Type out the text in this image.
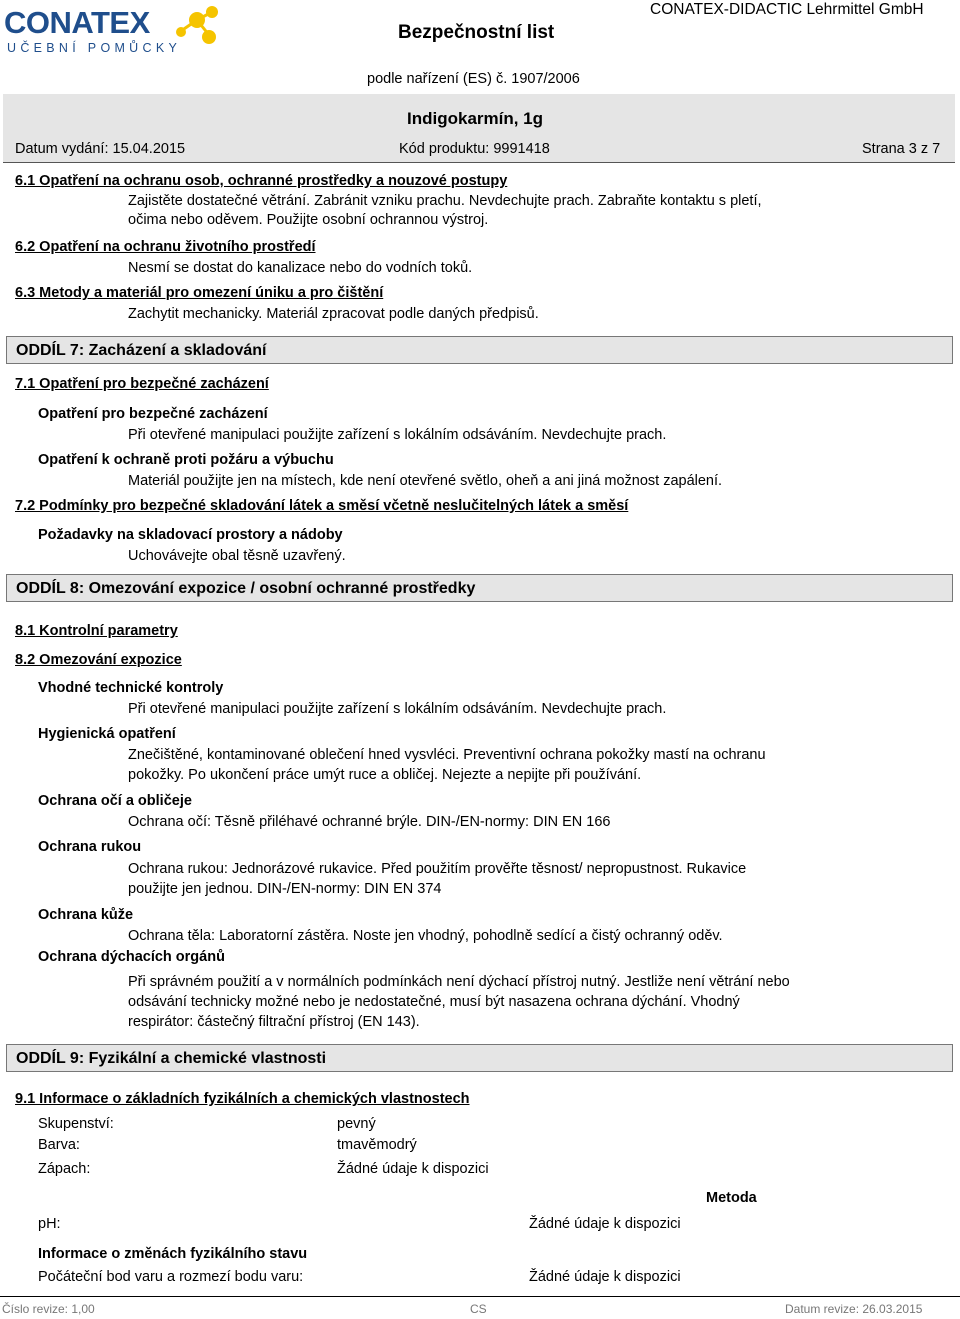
CONATEX
UČEBNÍ POMŮCKY
Bezpečnostní list
CONATEX-DIDACTIC Lehrmittel GmbH
podle nařízení (ES) č. 1907/2006
Indigokarmín, 1g
Datum vydání: 15.04.2015	Kód produktu: 9991418	Strana 3 z 7
6.1 Opatření na ochranu osob, ochranné prostředky a nouzové postupy
Zajistěte dostatečné větrání. Zabránit vzniku prachu. Nevdechujte prach. Zabraňte kontaktu s pletí,
očima nebo oděvem. Použijte osobní ochrannou výstroj.
6.2 Opatření na ochranu životního prostředí
Nesmí se dostat do kanalizace nebo do vodních toků.
6.3 Metody a materiál pro omezení úniku a pro čištění
Zachytit mechanicky. Materiál zpracovat podle daných předpisů.
ODDÍL 7: Zacházení a skladování
7.1 Opatření pro bezpečné zacházení
Opatření pro bezpečné zacházení
Při otevřené manipulaci použijte zařízení s lokálním odsáváním. Nevdechujte prach.
Opatření k ochraně proti požáru a výbuchu
Materiál použijte jen na místech, kde není otevřené světlo, oheň a ani jiná možnost zapálení.
7.2 Podmínky pro bezpečné skladování látek a směsí včetně neslučitelných látek a směsí
Požadavky na skladovací prostory a nádoby
Uchovávejte obal těsně uzavřený.
ODDÍL 8: Omezování expozice / osobní ochranné prostředky
8.1 Kontrolní parametry
8.2 Omezování expozice
Vhodné technické kontroly
Při otevřené manipulaci použijte zařízení s lokálním odsáváním. Nevdechujte prach.
Hygienická opatření
Znečištěné, kontaminované oblečení hned vysvléci. Preventivní ochrana pokožky mastí na ochranu
pokožky. Po ukončení práce umýt ruce a obličej. Nejezte a nepijte při používání.
Ochrana očí a obličeje
Ochrana očí: Těsně přiléhavé ochranné brýle. DIN-/EN-normy: DIN EN 166
Ochrana rukou
Ochrana rukou: Jednorázové rukavice. Před použitím prověřte těsnost/ nepropustnost. Rukavice
použijte jen jednou. DIN-/EN-normy: DIN EN 374
Ochrana kůže
Ochrana těla: Laboratorní zástěra. Noste jen vhodný, pohodlně sedící a čistý ochranný oděv.
Ochrana dýchacích orgánů
Při správném použití a v normálních podmínkách není dýchací přístroj nutný. Jestliže není větrání nebo
odsávání technicky možné nebo je nedostatečné, musí být nasazena ochrana dýchání. Vhodný
respirátor: částečný filtrační přístroj (EN 143).
ODDÍL 9: Fyzikální a chemické vlastnosti
9.1 Informace o základních fyzikálních a chemických vlastnostech
Skupenství:	pevný
Barva:	tmavěmodrý
Zápach:	Žádné údaje k dispozici
Metoda
pH:	Žádné údaje k dispozici
Informace o změnách fyzikálního stavu
Počáteční bod varu a rozmezí bodu varu:	Žádné údaje k dispozici
Číslo revize: 1,00	CS	Datum revize: 26.03.2015
